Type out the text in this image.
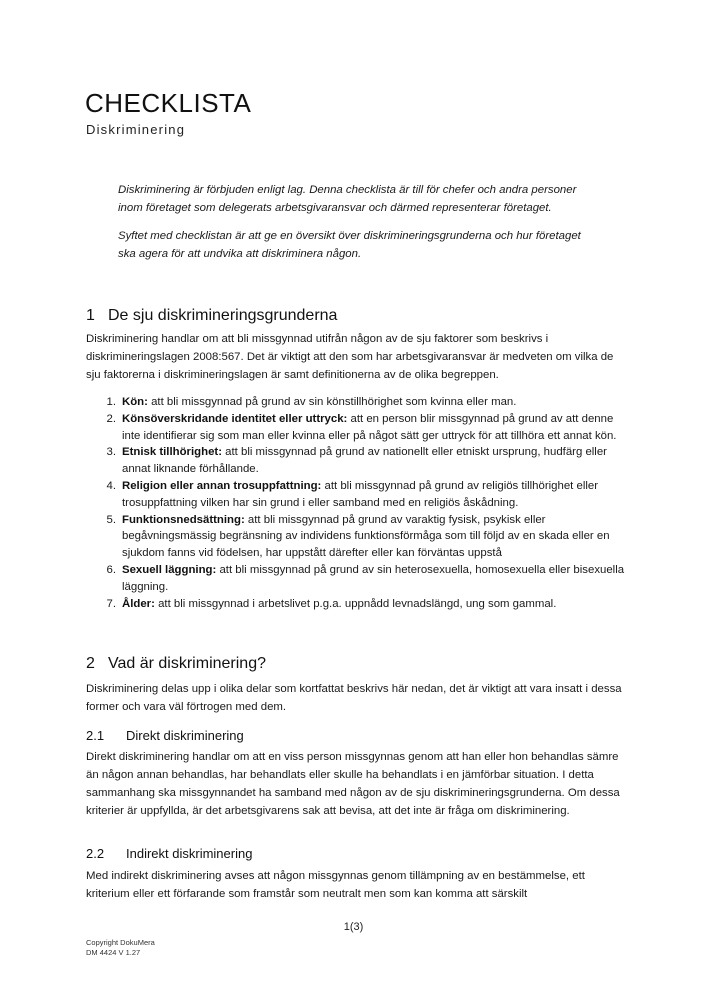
CHECKLISTA
Diskriminering

Diskriminering är förbjuden enligt lag. Denna checklista är till för chefer och andra personer inom företaget som delegerats arbetsgivaransvar och därmed representerar företaget.

Syftet med checklistan är att ge en översikt över diskrimineringsgrunderna och hur företaget ska agera för att undvika att diskriminera någon.

1 De sju diskrimineringsgrunderna

Diskriminering handlar om att bli missgynnad utifrån någon av de sju faktorer som beskrivs i diskrimineringslagen 2008:567. Det är viktigt att den som har arbetsgivaransvar är medveten om vilka de sju faktorerna i diskrimineringslagen är samt definitionerna av de olika begreppen.

1. Kön: att bli missgynnad på grund av sin könstillhörighet som kvinna eller man.
2. Könsöverskridande identitet eller uttryck: att en person blir missgynnad på grund av att denne inte identifierar sig som man eller kvinna eller på något sätt ger uttryck för att tillhöra ett annat kön.
3. Etnisk tillhörighet: att bli missgynnad på grund av nationellt eller etniskt ursprung, hudfärg eller annat liknande förhållande.
4. Religion eller annan trosuppfattning: att bli missgynnad på grund av religiös tillhörighet eller trosuppfattning vilken har sin grund i eller samband med en religiös åskådning.
5. Funktionsnedsättning: att bli missgynnad på grund av varaktig fysisk, psykisk eller begåvningsmässig begränsning av individens funktionsförmåga som till följd av en skada eller en sjukdom fanns vid födelsen, har uppstått därefter eller kan förväntas uppstå
6. Sexuell läggning: att bli missgynnad på grund av sin heterosexuella, homosexuella eller bisexuella läggning.
7. Ålder: att bli missgynnad i arbetslivet p.g.a. uppnådd levnadslängd, ung som gammal.
2 Vad är diskriminering?

Diskriminering delas upp i olika delar som kortfattat beskrivs här nedan, det är viktigt att vara insatt i dessa former och vara väl förtrogen med dem.

2.1 Direkt diskriminering

Direkt diskriminering handlar om att en viss person missgynnas genom att han eller hon behandlas sämre än någon annan behandlas, har behandlats eller skulle ha behandlats i en jämförbar situation. I detta sammanhang ska missgynnandet ha samband med någon av de sju diskrimineringsgrunderna. Om dessa kriterier är uppfyllda, är det arbetsgivarens sak att bevisa, att det inte är fråga om diskriminering.

2.2 Indirekt diskriminering

Med indirekt diskriminering avses att någon missgynnas genom tillämpning av en bestämmelse, ett kriterium eller ett förfarande som framstår som neutralt men som kan komma att särskilt

1(3)
Copyright DokuMera
DM 4424 V 1.27
